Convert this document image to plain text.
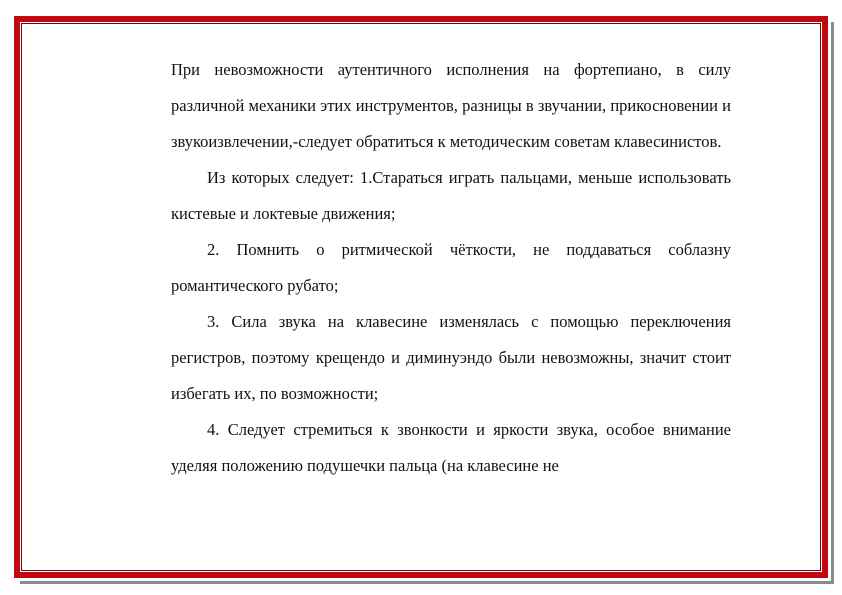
При невозможности аутентичного исполнения на фортепиано, в силу различной механики этих инструментов, разницы в звучании, прикосновении и звукоизвлечении,-следует обратиться к методическим советам клавесинистов.

Из которых следует: 1.Стараться играть пальцами, меньше использовать кистевые и локтевые движения;

2. Помнить о ритмической чёткости, не поддаваться соблазну романтического рубато;

3. Сила звука на клавесине изменялась с помощью переключения регистров, поэтому крещендо и диминуэндо были невозможны, значит стоит избегать их, по возможности;

4. Следует стремиться к звонкости и яркости звука, особое внимание уделяя положению подушечки пальца (на клавесине не
